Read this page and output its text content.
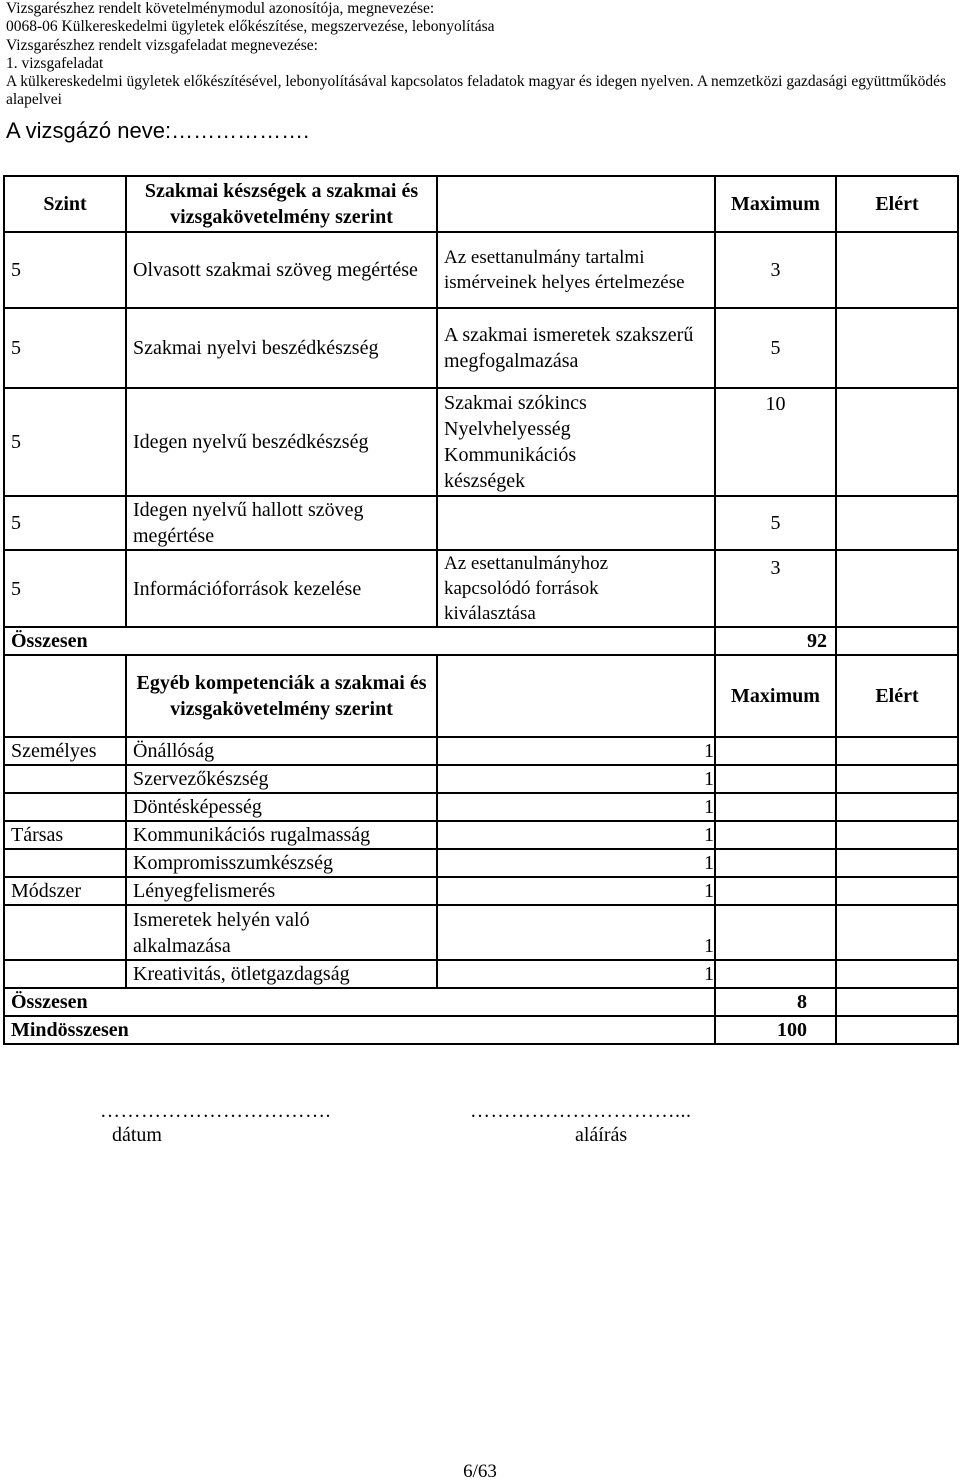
Vizsgarészhez rendelt követelménymodul azonosítója, megnevezése:
0068-06 Külkereskedelmi ügyletek előkészítése, megszervezése, lebonyolítása
Vizsgarészhez rendelt vizsgafeladat megnevezése:
1. vizsgafeladat
A külkereskedelmi ügyletek előkészítésével, lebonyolításával kapcsolatos feladatok magyar és idegen nyelven. A nemzetközi gazdasági együttműködés alapelvei
A vizsgázó neve:……………….
Szint	Szakmai készségek a szakmai és vizsgakövetelmény szerint		Maximum	Elért
5	Olvasott szakmai szöveg megértése	Az esettanulmány tartalmi ismérveinek helyes értelmezése	3	
5	Szakmai nyelvi beszédkészség	A szakmai ismeretek szakszerű megfogalmazása	5	
5	Idegen nyelvű beszédkészség	Szakmai szókincs Nyelvhelyesség Kommunikációs készségek	10	
5	Idegen nyelvű hallott szöveg megértése		5	
5	Információforrások kezelése	Az esettanulmányhoz kapcsolódó források kiválasztása	3	
Összesen			92	
	Egyéb kompetenciák a szakmai és vizsgakövetelmény szerint		Maximum	Elért
Személyes	Önállóság	1		
	Szervezőkészség	1		
	Döntésképesség	1		
Társas	Kommunikációs rugalmasság	1		
	Kompromisszumkészség	1		
Módszer	Lényegfelismerés	1		
	Ismeretek helyén való alkalmazása	1		
	Kreativitás, ötletgazdagság	1		
Összesen			8	
Mindösszesen			100	
…………………………….
dátum
…………………………...
aláírás
6/63
